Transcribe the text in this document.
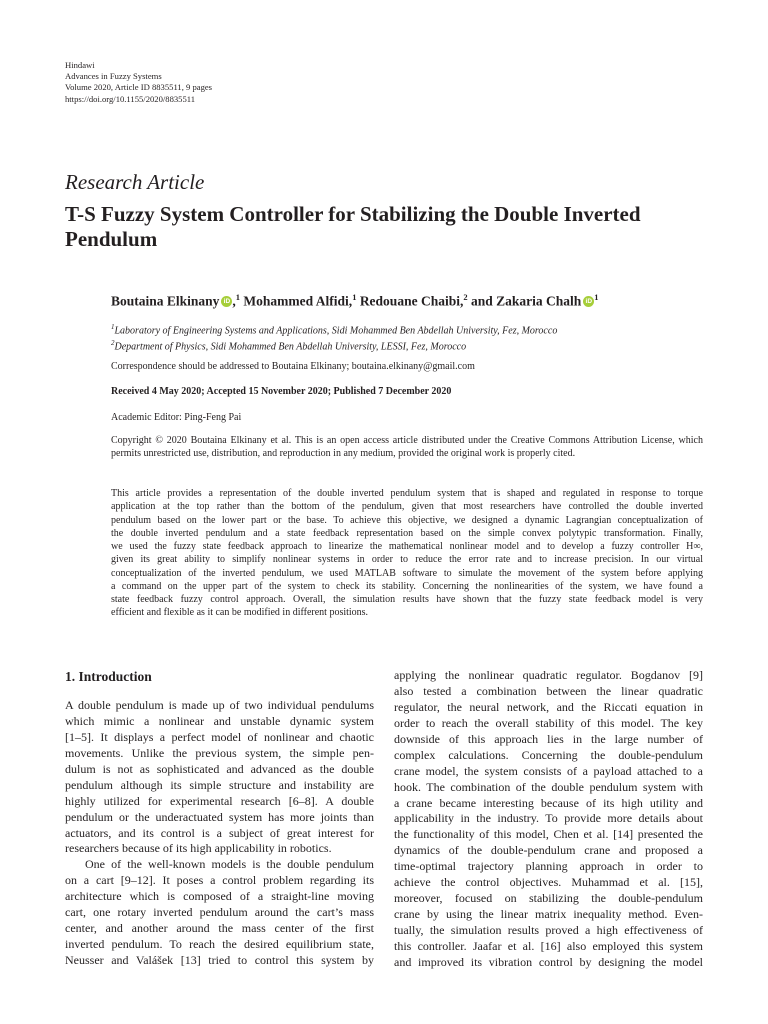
Hindawi
Advances in Fuzzy Systems
Volume 2020, Article ID 8835511, 9 pages
https://doi.org/10.1155/2020/8835511
Research Article
T-S Fuzzy System Controller for Stabilizing the Double Inverted Pendulum
Boutaina Elkinany iD ,$^1$ Mohammed Alfidi,$^1$ Redouane Chaibi,$^2$ and Zakaria Chalh iD $^1$
$^1$Laboratory of Engineering Systems and Applications, Sidi Mohammed Ben Abdellah University, Fez, Morocco
$^2$Department of Physics, Sidi Mohammed Ben Abdellah University, LESSI, Fez, Morocco
Correspondence should be addressed to Boutaina Elkinany; boutaina.elkinany@gmail.com
Received 4 May 2020; Accepted 15 November 2020; Published 7 December 2020
Academic Editor: Ping-Feng Pai
Copyright © 2020 Boutaina Elkinany et al. This is an open access article distributed under the Creative Commons Attribution License, which permits unrestricted use, distribution, and reproduction in any medium, provided the original work is properly cited.
This article provides a representation of the double inverted pendulum system that is shaped and regulated in response to torque
application at the top rather than the bottom of the pendulum, given that most researchers have controlled the double inverted
pendulum based on the lower part or the base. To achieve this objective, we designed a dynamic Lagrangian conceptualization of
the double inverted pendulum and a state feedback representation based on the simple convex polytypic transformation. Finally,
we used the fuzzy state feedback approach to linearize the mathematical nonlinear model and to develop a fuzzy controller H∞,
given its great ability to simplify nonlinear systems in order to reduce the error rate and to increase precision. In our virtual
conceptualization of the inverted pendulum, we used MATLAB software to simulate the movement of the system before applying
a command on the upper part of the system to check its stability. Concerning the nonlinearities of the system, we have found a
state feedback fuzzy control approach. Overall, the simulation results have shown that the fuzzy state feedback model is very
efficient and flexible as it can be modified in different positions.
1. Introduction
A double pendulum is made up of two individual pendulums
which mimic a nonlinear and unstable dynamic system
[1–5]. It displays a perfect model of nonlinear and chaotic
movements. Unlike the previous system, the simple pen-
dulum is not as sophisticated and advanced as the double
pendulum although its simple structure and instability are
highly utilized for experimental research [6–8]. A double
pendulum or the underactuated system has more joints than
actuators, and its control is a subject of great interest for
researchers because of its high applicability in robotics.
One of the well-known models is the double pendulum
on a cart [9–12]. It poses a control problem regarding its
architecture which is composed of a straight-line moving
cart, one rotary inverted pendulum around the cart’s mass
center, and another around the mass center of the first
inverted pendulum. To reach the desired equilibrium state,
Neusser and Valášek [13] tried to control this system by
applying the nonlinear quadratic regulator. Bogdanov [9]
also tested a combination between the linear quadratic
regulator, the neural network, and the Riccati equation in
order to reach the overall stability of this model. The key
downside of this approach lies in the large number of
complex calculations. Concerning the double-pendulum
crane model, the system consists of a payload attached to a
hook. The combination of the double pendulum system with
a crane became interesting because of its high utility and
applicability in the industry. To provide more details about
the functionality of this model, Chen et al. [14] presented the
dynamics of the double-pendulum crane and proposed a
time-optimal trajectory planning approach in order to
achieve the control objectives. Muhammad et al. [15],
moreover, focused on stabilizing the double-pendulum
crane by using the linear matrix inequality method. Even-
tually, the simulation results proved a high effectiveness of
this controller. Jaafar et al. [16] also employed this system
and improved its vibration control by designing the model
